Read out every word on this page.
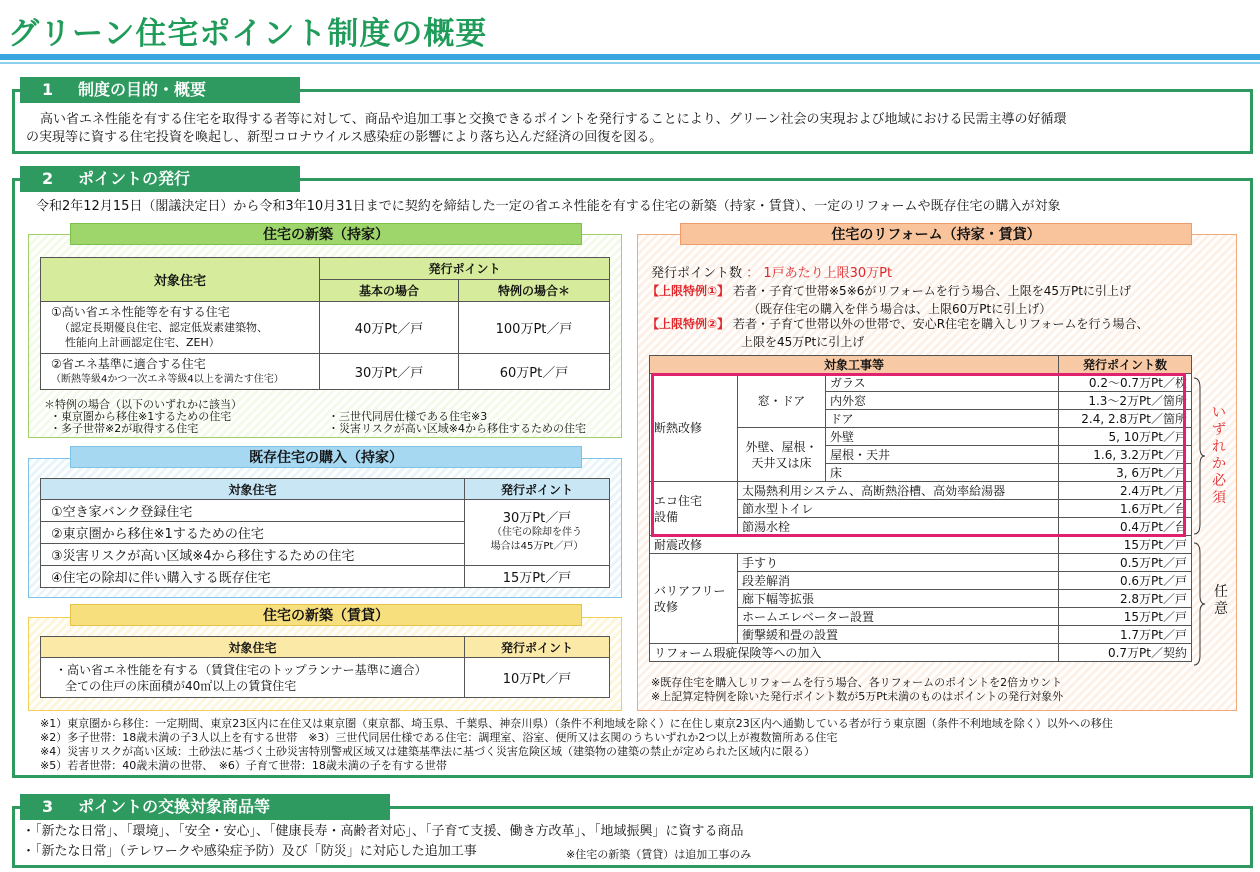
グリーン住宅ポイント制度の概要
1 制度の目的・概要
高い省エネ性能を有する住宅を取得する者等に対して、商品や追加工事と交換できるポイントを発行することにより、グリーン社会の実現および地域における民需主導の好循環
の実現等に資する住宅投資を喚起し、新型コロナウイルス感染症の影響により落ち込んだ経済の回復を図る。
2 ポイントの発行
令和2年12月15日（閣議決定日）から令和3年10月31日までに契約を締結した一定の省エネ性能を有する住宅の新築（持家・賃貸）、一定のリフォームや既存住宅の購入が対象
住宅の新築（持家）
対象住宅	発行ポイント	
	基本の場合	特例の場合＊

①高い省エネ性能等を有する住宅
（認定長期優良住宅、認定低炭素建築物、
性能向上計画認定住宅、ZEH）	40万Pt／戸	100万Pt／戸

②省エネ基準に適合する住宅
（断熱等級4かつ一次エネ等級4以上を満たす住宅）	30万Pt／戸	60万Pt／戸
＊特例の場合（以下のいずれかに該当）
・東京圏から移住※1するための住宅
・多子世帯※2が取得する住宅
・三世代同居仕様である住宅※3
・災害リスクが高い区域※4から移住するための住宅
既存住宅の購入（持家）
対象住宅	発行ポイント
①空き家バンク登録住宅	30万Pt／戸
（住宅の除却を伴う
場合は45万Pt／戸）

②東京圏から移住※1するための住宅	
③災害リスクが高い区域※4から移住するための住宅	
④住宅の除却に伴い購入する既存住宅	15万Pt／戸
住宅の新築（賃貸）
対象住宅	発行ポイント

・高い省エネ性能を有する（賃貸住宅のトップランナー基準に適合）
全ての住戸の床面積が40㎡以上の賃貸住宅	10万Pt／戸
住宅のリフォーム（持家・賃貸）
発行ポイント数 ： 1戸あたり上限30万Pt
【上限特例①】 若者・子育て世帯※5※6がリフォームを行う場合、上限を45万Ptに引上げ
（既存住宅の購入を伴う場合は、上限60万Ptに引上げ）
【上限特例②】 若者・子育て世帯以外の世帯で、安心R住宅を購入しリフォームを行う場合、
上限を45万Ptに引上げ
対象工事等			発行ポイント数
断熱改修	窓・ドア	ガラス	0.2～0.7万Pt／枚
		内外窓	1.3～2万Pt／箇所
		ドア	2.4, 2.8万Pt／箇所

	外壁、屋根・
天井又は床	外壁	5, 10万Pt／戸
		屋根・天井	1.6, 3.2万Pt／戸
		床	3, 6万Pt／戸

エコ住宅
設備	太陽熱利用システム、高断熱浴槽、高効率給湯器		2.4万Pt／戸
	節水型トイレ		1.6万Pt／台
	節湯水栓		0.4万Pt／台
耐震改修			15万Pt／戸

バリアフリー
改修	手すり		0.5万Pt／戸
	段差解消		0.6万Pt／戸
	廊下幅等拡張		2.8万Pt／戸
	ホームエレベーター設置		15万Pt／戸
	衝撃緩和畳の設置		1.7万Pt／戸
リフォーム瑕疵保険等への加入			0.7万Pt／契約
いずれか必須
任意
※既存住宅を購入しリフォームを行う場合、各リフォームのポイントを2倍カウント
※上記算定特例を除いた発行ポイント数が5万Pt未満のものはポイントの発行対象外
※1）東京圏から移住：一定期間、東京23区内に在住又は東京圏（東京都、埼玉県、千葉県、神奈川県）（条件不利地域を除く）に在住し東京23区内へ通勤している者が行う東京圏（条件不利地域を除く）以外への移住
※2）多子世帯：18歳未満の子3人以上を有する世帯　※3）三世代同居仕様である住宅：調理室、浴室、便所又は玄関のうちいずれか2つ以上が複数箇所ある住宅
※4）災害リスクが高い区域：土砂法に基づく土砂災害特別警戒区域又は建築基準法に基づく災害危険区域（建築物の建築の禁止が定められた区域内に限る）
※5）若者世帯：40歳未満の世帯、　※6）子育て世帯：18歳未満の子を有する世帯
3 ポイントの交換対象商品等
・「新たな日常」、「環境」、「安全・安心」、「健康長寿・高齢者対応」、「子育て支援、働き方改革」、「地域振興」に資する商品
・「新たな日常」（テレワークや感染症予防）及び「防災」に対応した追加工事	※住宅の新築（賃貸）は追加工事のみ
